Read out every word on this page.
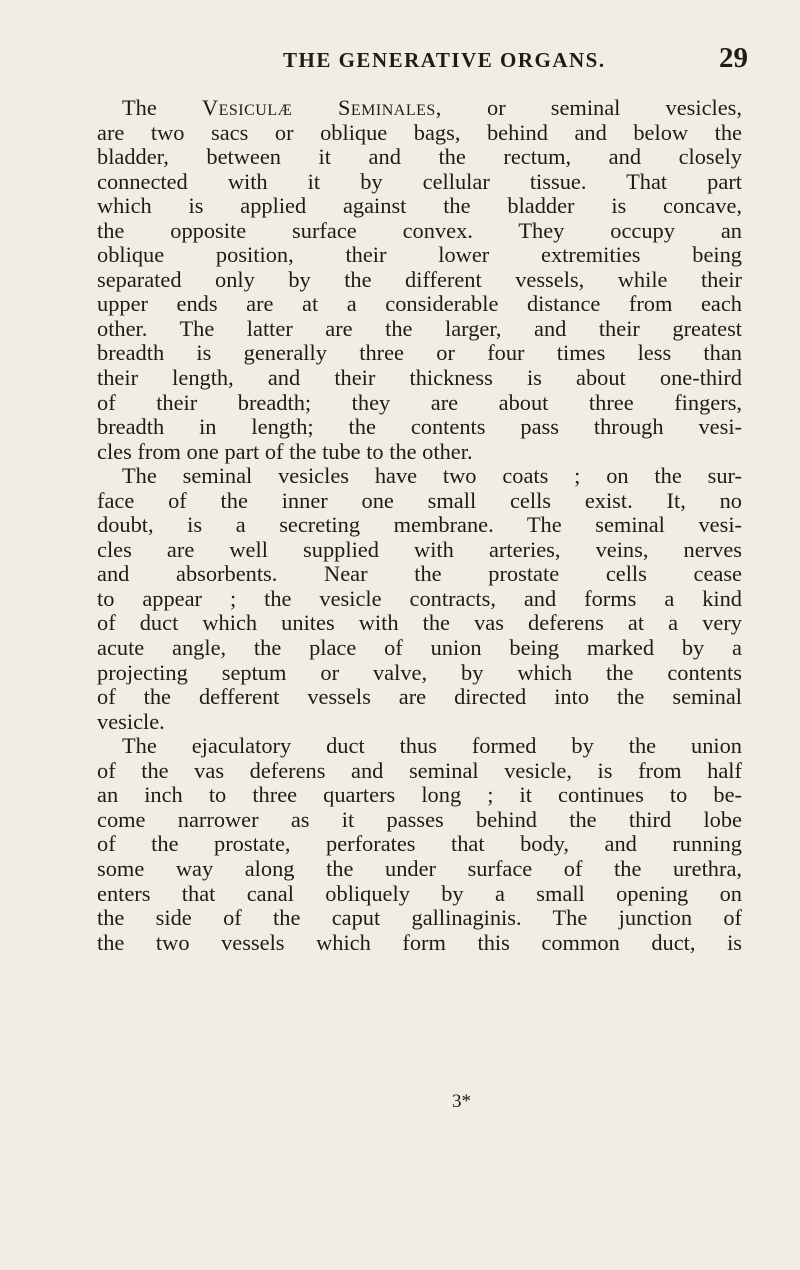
THE GENERATIVE ORGANS.	29
The Vesiculæ Seminales, or seminal vesicles,
are two sacs or oblique bags, behind and below the
bladder, between it and the rectum, and closely
connected with it by cellular tissue. That part
which is applied against the bladder is concave,
the opposite surface convex. They occupy an
oblique position, their lower extremities being
separated only by the different vessels, while their
upper ends are at a considerable distance from each
other. The latter are the larger, and their greatest
breadth is generally three or four times less than
their length, and their thickness is about one-third
of their breadth; they are about three fingers,
breadth in length; the contents pass through vesi-
cles from one part of the tube to the other.
The seminal vesicles have two coats ; on the sur-
face of the inner one small cells exist. It, no
doubt, is a secreting membrane. The seminal vesi-
cles are well supplied with arteries, veins, nerves
and absorbents. Near the prostate cells cease
to appear ; the vesicle contracts, and forms a kind
of duct which unites with the vas deferens at a very
acute angle, the place of union being marked by a
projecting septum or valve, by which the contents
of the defferent vessels are directed into the seminal
vesicle.
The ejaculatory duct thus formed by the union
of the vas deferens and seminal vesicle, is from half
an inch to three quarters long ; it continues to be-
come narrower as it passes behind the third lobe
of the prostate, perforates that body, and running
some way along the under surface of the urethra,
enters that canal obliquely by a small opening on
the side of the caput gallinaginis. The junction of
the two vessels which form this common duct, is
3*
